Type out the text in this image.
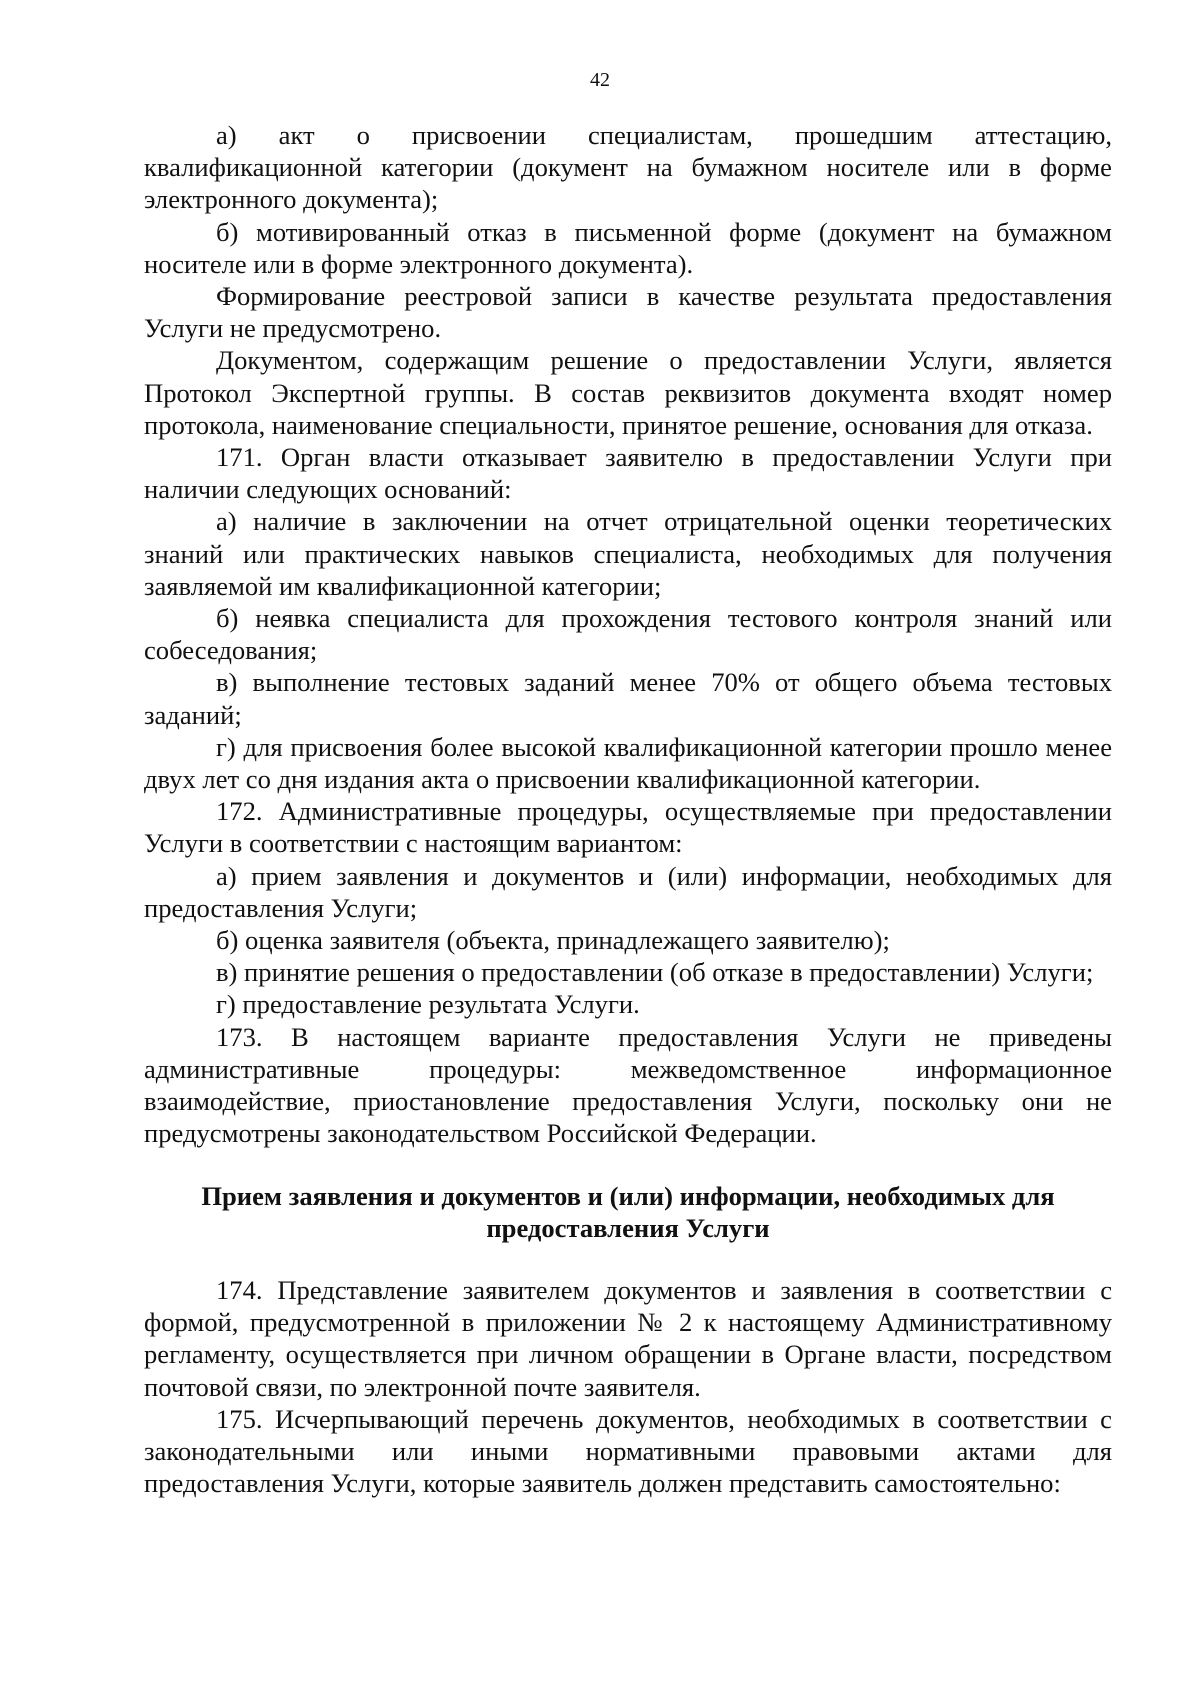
42

а) акт о присвоении специалистам, прошедшим аттестацию, квалификационной категории (документ на бумажном носителе или в форме электронного документа);

б) мотивированный отказ в письменной форме (документ на бумажном носителе или в форме электронного документа).

Формирование реестровой записи в качестве результата предоставления Услуги не предусмотрено.

Документом, содержащим решение о предоставлении Услуги, является Протокол Экспертной группы. В состав реквизитов документа входят номер протокола, наименование специальности, принятое решение, основания для отказа.

171. Орган власти отказывает заявителю в предоставлении Услуги при наличии следующих оснований:

а) наличие в заключении на отчет отрицательной оценки теоретических знаний или практических навыков специалиста, необходимых для получения заявляемой им квалификационной категории;

б) неявка специалиста для прохождения тестового контроля знаний или собеседования;

в) выполнение тестовых заданий менее 70% от общего объема тестовых заданий;

г) для присвоения более высокой квалификационной категории прошло менее двух лет со дня издания акта о присвоении квалификационной категории.

172. Административные процедуры, осуществляемые при предоставлении Услуги в соответствии с настоящим вариантом:

а) прием заявления и документов и (или) информации, необходимых для предоставления Услуги;

б) оценка заявителя (объекта, принадлежащего заявителю);

в) принятие решения о предоставлении (об отказе в предоставлении) Услуги;

г) предоставление результата Услуги.

173. В настоящем варианте предоставления Услуги не приведены административные процедуры: межведомственное информационное взаимодействие, приостановление предоставления Услуги, поскольку они не предусмотрены законодательством Российской Федерации.

Прием заявления и документов и (или) информации, необходимых для
предоставления Услуги

174. Представление заявителем документов и заявления в соответствии с формой, предусмотренной в приложении № 2 к настоящему Административному регламенту, осуществляется при личном обращении в Органе власти, посредством почтовой связи, по электронной почте заявителя.

175. Исчерпывающий перечень документов, необходимых в соответствии с законодательными или иными нормативными правовыми актами для предоставления Услуги, которые заявитель должен представить самостоятельно:
